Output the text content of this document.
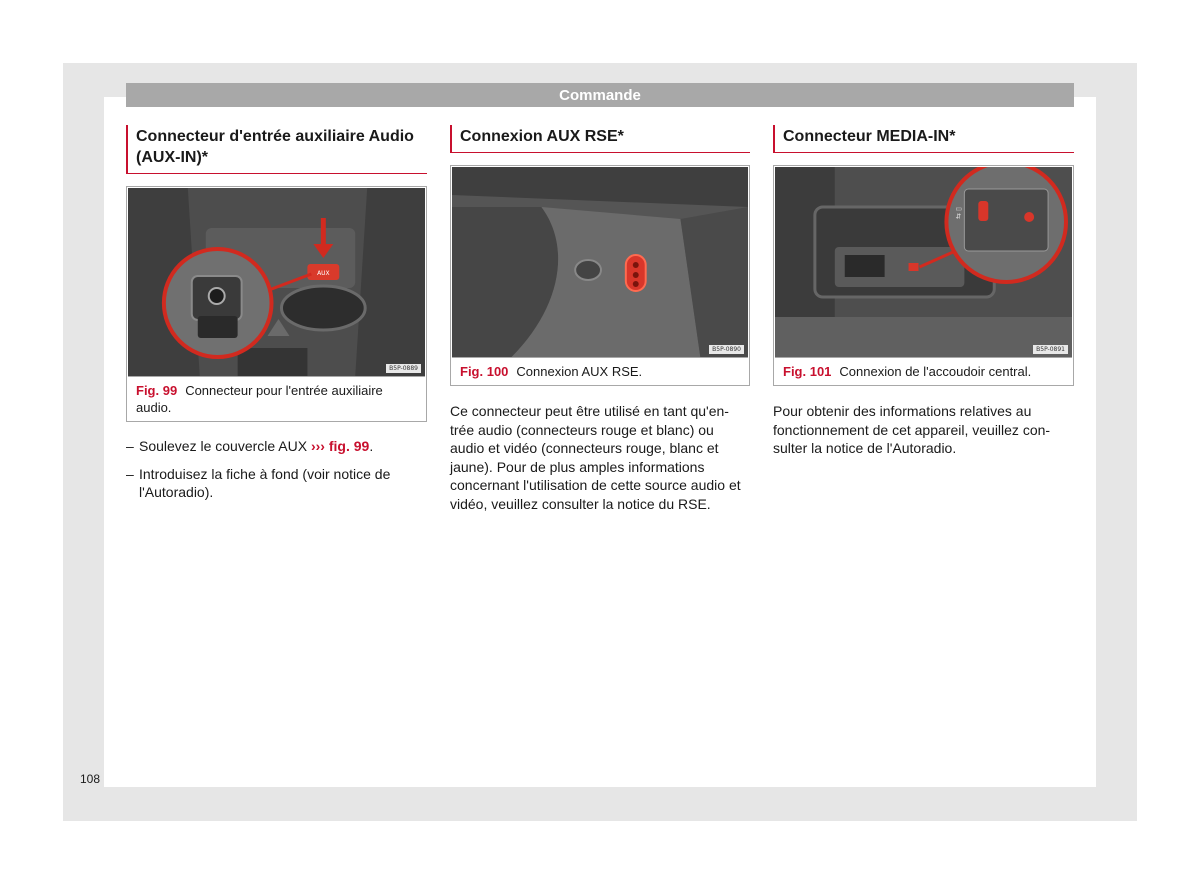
Commande
Connecteur d'entrée auxiliaire Audio (AUX-IN)*
AUX
B5P-0889
Fig. 99 Connecteur pour l'entrée auxiliaire audio.
– Soulevez le couvercle AUX ››› fig. 99.
– Introduisez la fiche à fond (voir notice de l'Autoradio).
Connexion AUX RSE*
B5P-0890
Fig. 100 Connexion AUX RSE.
Ce connecteur peut être utilisé en tant qu'en-trée audio (connecteurs rouge et blanc) ou audio et vidéo (connecteurs rouge, blanc et jaune). Pour de plus amples informations concernant l'utilisation de cette source audio et vidéo, veuillez consulter la notice du RSE.
Connecteur MEDIA-IN*
⇆ ▯
B5P-0891
Fig. 101 Connexion de l'accoudoir central.
Pour obtenir des informations relatives au fonctionnement de cet appareil, veuillez con-sulter la notice de l'Autoradio.
108
